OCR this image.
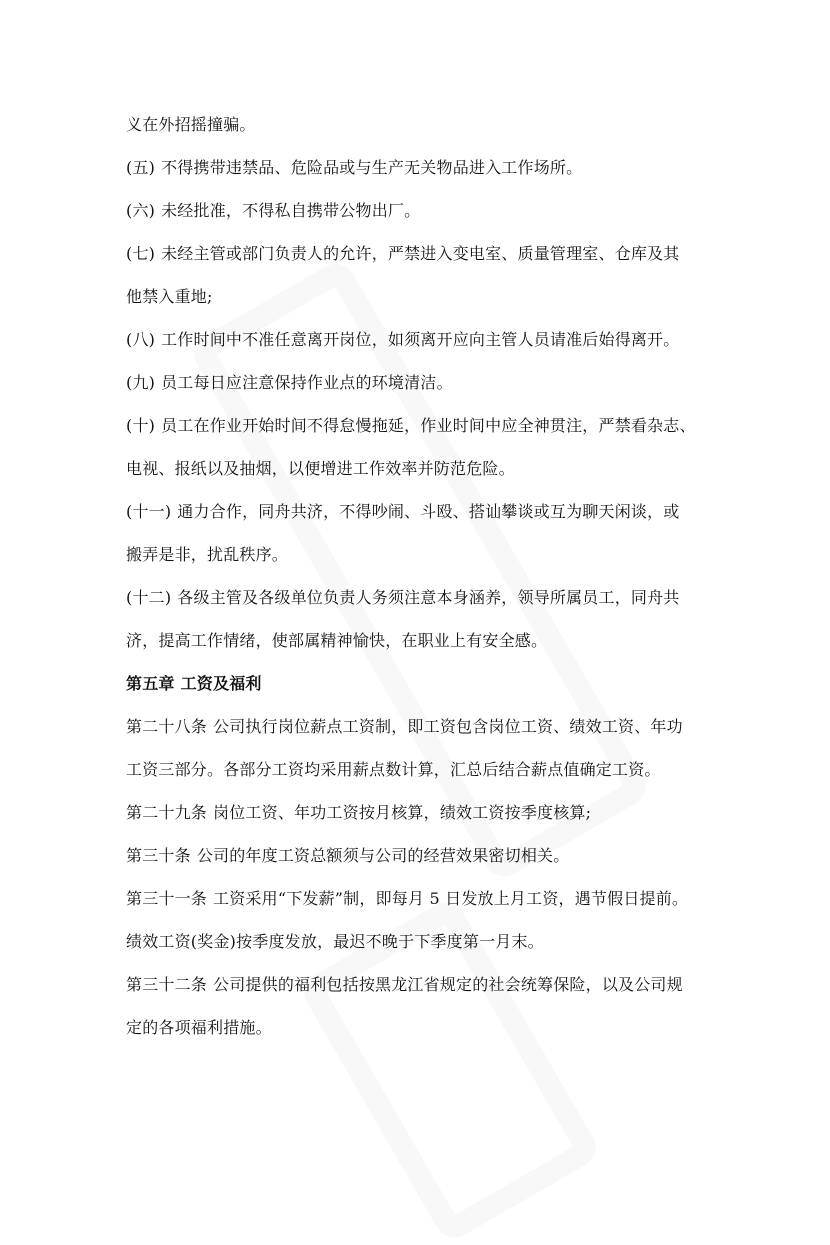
义在外招摇撞骗。
(五) 不得携带违禁品、危险品或与生产无关物品进入工作场所。
(六) 未经批准，不得私自携带公物出厂。
(七) 未经主管或部门负责人的允许，严禁进入变电室、质量管理室、仓库及其
他禁入重地;
(八) 工作时间中不准任意离开岗位，如须离开应向主管人员请准后始得离开。
(九) 员工每日应注意保持作业点的环境清洁。
(十) 员工在作业开始时间不得怠慢拖延，作业时间中应全神贯注，严禁看杂志、
电视、报纸以及抽烟，以便增进工作效率并防范危险。
(十一) 通力合作，同舟共济，不得吵闹、斗殴、搭讪攀谈或互为聊天闲谈，或
搬弄是非，扰乱秩序。
(十二) 各级主管及各级单位负责人务须注意本身涵养，领导所属员工，同舟共
济，提高工作情绪，使部属精神愉快，在职业上有安全感。
第五章 工资及福利
第二十八条 公司执行岗位薪点工资制，即工资包含岗位工资、绩效工资、年功
工资三部分。各部分工资均采用薪点数计算，汇总后结合薪点值确定工资。
第二十九条 岗位工资、年功工资按月核算，绩效工资按季度核算;
第三十条 公司的年度工资总额须与公司的经营效果密切相关。
第三十一条 工资采用“下发薪”制，即每月 5 日发放上月工资，遇节假日提前。
绩效工资(奖金)按季度发放，最迟不晚于下季度第一月末。
第三十二条 公司提供的福利包括按黑龙江省规定的社会统筹保险，以及公司规
定的各项福利措施。
